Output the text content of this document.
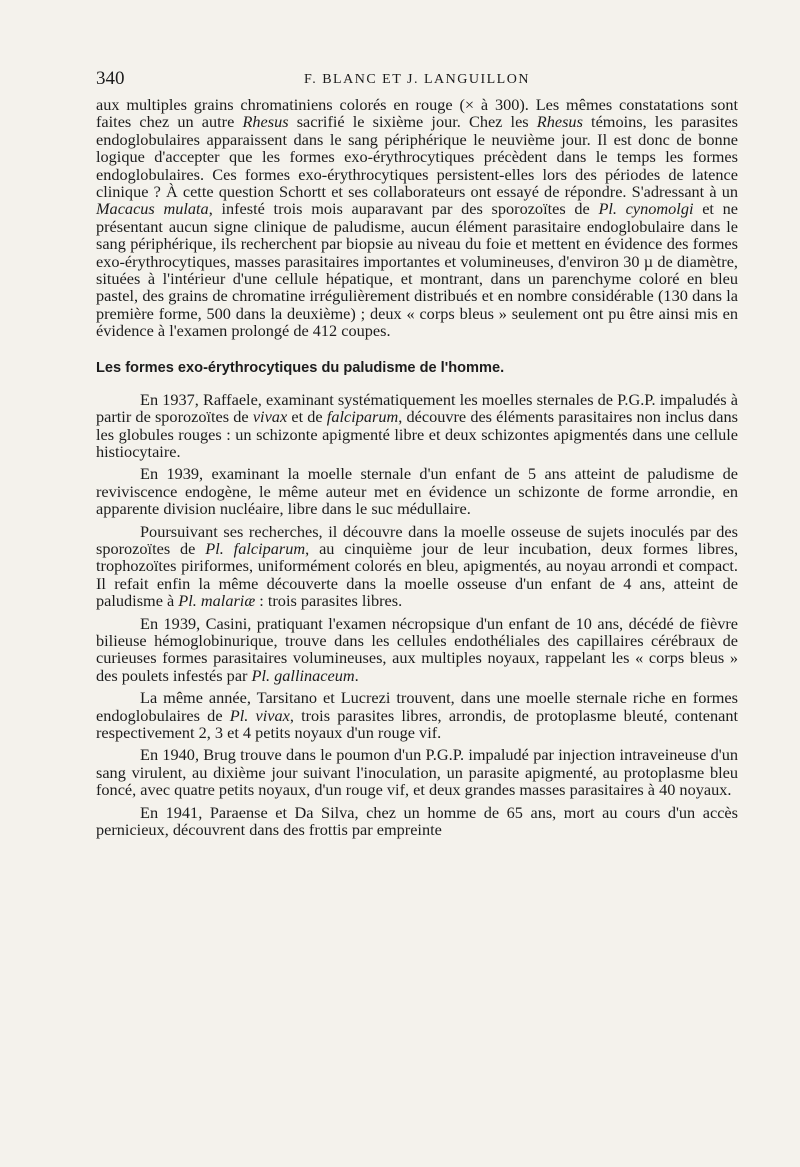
340	F. BLANC ET J. LANGUILLON

aux multiples grains chromatiniens colorés en rouge (× à 300). Les mêmes constatations sont faites chez un autre Rhesus sacrifié le sixième jour. Chez les Rhesus témoins, les parasites endoglobulaires apparaissent dans le sang périphérique le neuvième jour. Il est donc de bonne logique d'accepter que les formes exo-érythrocytiques précèdent dans le temps les formes endoglobulaires. Ces formes exo-érythrocytiques persistent-elles lors des périodes de latence clinique ? À cette question Schortt et ses collaborateurs ont essayé de répondre. S'adressant à un Macacus mulata, infesté trois mois auparavant par des sporozoïtes de Pl. cynomolgi et ne présentant aucun signe clinique de paludisme, aucun élément parasitaire endoglobulaire dans le sang périphérique, ils recherchent par biopsie au niveau du foie et mettent en évidence des formes exo-érythrocytiques, masses parasitaires importantes et volumineuses, d'environ 30 µ de diamètre, situées à l'intérieur d'une cellule hépatique, et montrant, dans un parenchyme coloré en bleu pastel, des grains de chromatine irrégulièrement distribués et en nombre considérable (130 dans la première forme, 500 dans la deuxième) ; deux « corps bleus » seulement ont pu être ainsi mis en évidence à l'examen prolongé de 412 coupes.

Les formes exo-érythrocytiques du paludisme de l'homme.

En 1937, Raffaele, examinant systématiquement les moelles sternales de P.G.P. impaludés à partir de sporozoïtes de vivax et de falciparum, découvre des éléments parasitaires non inclus dans les globules rouges : un schizonte apigmenté libre et deux schizontes apigmentés dans une cellule histiocytaire.

En 1939, examinant la moelle sternale d'un enfant de 5 ans atteint de paludisme de reviviscence endogène, le même auteur met en évidence un schizonte de forme arrondie, en apparente division nucléaire, libre dans le suc médullaire.

Poursuivant ses recherches, il découvre dans la moelle osseuse de sujets inoculés par des sporozoïtes de Pl. falciparum, au cinquième jour de leur incubation, deux formes libres, trophozoïtes piriformes, uniformément colorés en bleu, apigmentés, au noyau arrondi et compact. Il refait enfin la même découverte dans la moelle osseuse d'un enfant de 4 ans, atteint de paludisme à Pl. malariæ : trois parasites libres.

En 1939, Casini, pratiquant l'examen nécropsique d'un enfant de 10 ans, décédé de fièvre bilieuse hémoglobinurique, trouve dans les cellules endothéliales des capillaires cérébraux de curieuses formes parasitaires volumineuses, aux multiples noyaux, rappelant les « corps bleus » des poulets infestés par Pl. gallinaceum.

La même année, Tarsitano et Lucrezi trouvent, dans une moelle sternale riche en formes endoglobulaires de Pl. vivax, trois parasites libres, arrondis, de protoplasme bleuté, contenant respectivement 2, 3 et 4 petits noyaux d'un rouge vif.

En 1940, Brug trouve dans le poumon d'un P.G.P. impaludé par injection intraveineuse d'un sang virulent, au dixième jour suivant l'inoculation, un parasite apigmenté, au protoplasme bleu foncé, avec quatre petits noyaux, d'un rouge vif, et deux grandes masses parasitaires à 40 noyaux.

En 1941, Paraense et Da Silva, chez un homme de 65 ans, mort au cours d'un accès pernicieux, découvrent dans des frottis par empreinte
